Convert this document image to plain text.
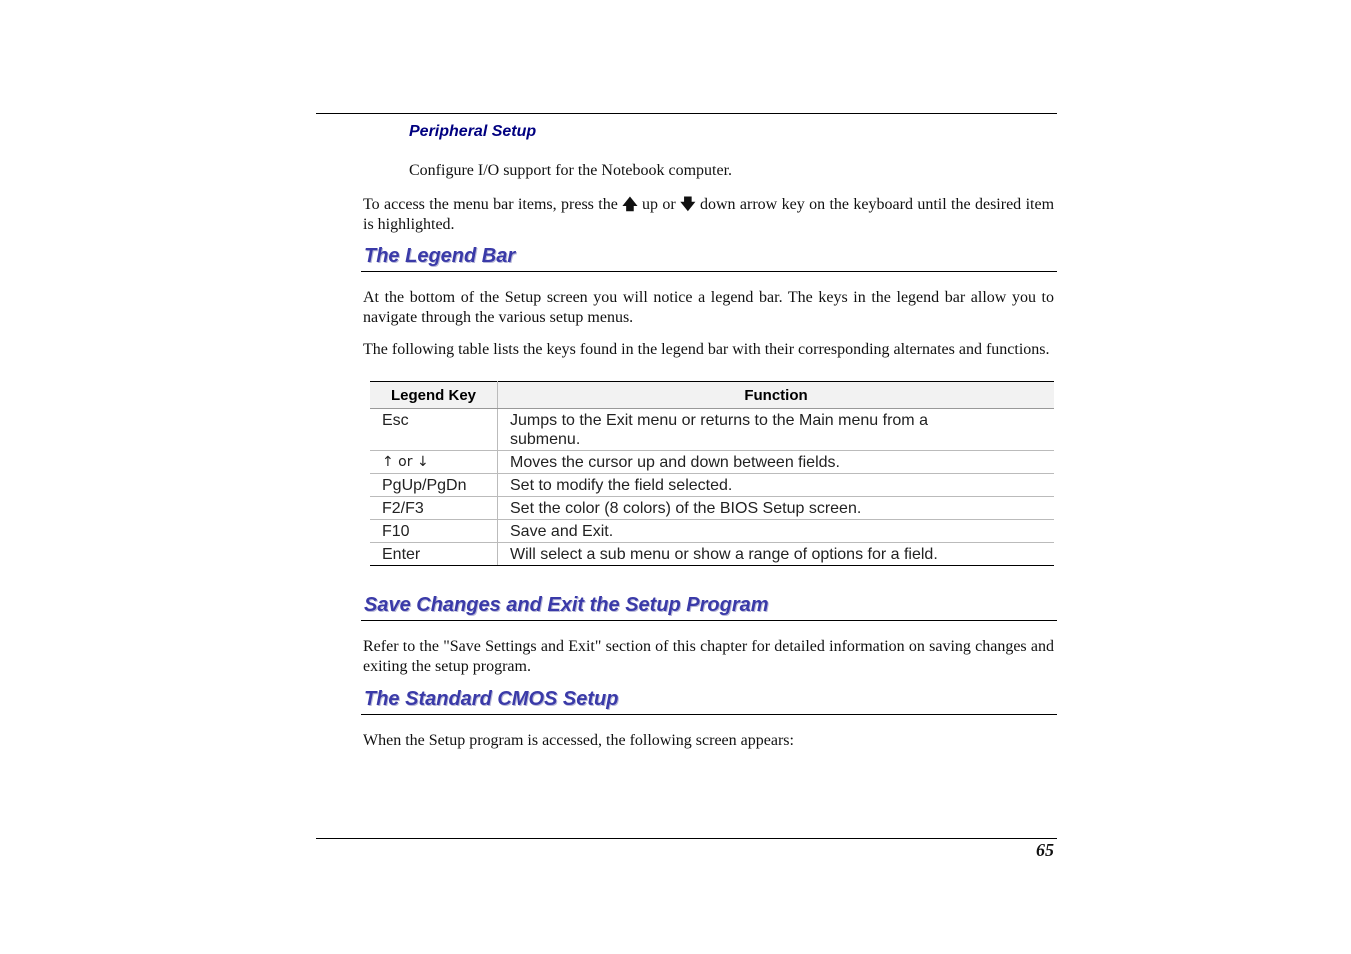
Peripheral Setup
Configure I/O support for the Notebook computer.
To access the menu bar items, press the 🡅 up or 🡇 down arrow key on the keyboard until the desired item is highlighted.
The Legend Bar
At the bottom of the Setup screen you will notice a legend bar. The keys in the legend bar allow you to navigate through the various setup menus.
The following table lists the keys found in the legend bar with their corresponding alternates and functions.
Legend Key	Function
Esc	Jumps to the Exit menu or returns to the Main menu from a submenu.
↑ or ↓	Moves the cursor up and down between fields.
PgUp/PgDn	Set to modify the field selected.
F2/F3	Set the color (8 colors) of the BIOS Setup screen.
F10	Save and Exit.
Enter	Will select a sub menu or show a range of options for a field.
Save Changes and Exit the Setup Program
Refer to the "Save Settings and Exit" section of this chapter for detailed information on saving changes and exiting the setup program.
The Standard CMOS Setup
When the Setup program is accessed, the following screen appears:
65
